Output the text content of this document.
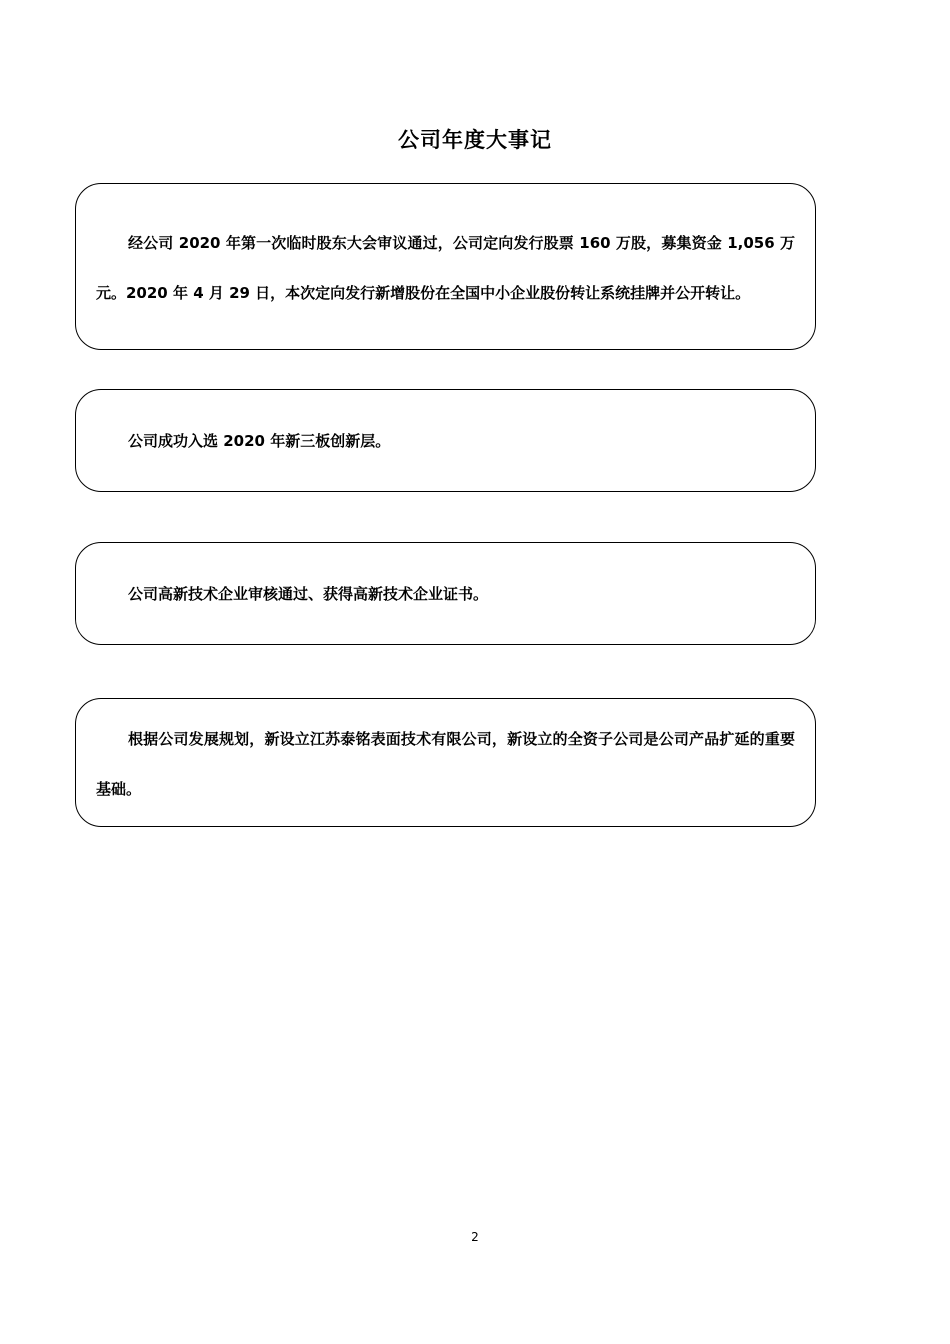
公司年度大事记

经公司 2020 年第一次临时股东大会审议通过，公司定向发行股票 160 万股，募集资金 1,056 万元。2020 年 4 月 29 日，本次定向发行新增股份在全国中小企业股份转让系统挂牌并公开转让。

公司成功入选 2020 年新三板创新层。

公司高新技术企业审核通过、获得高新技术企业证书。

根据公司发展规划，新设立江苏泰铭表面技术有限公司，新设立的全资子公司是公司产品扩延的重要基础。

2
